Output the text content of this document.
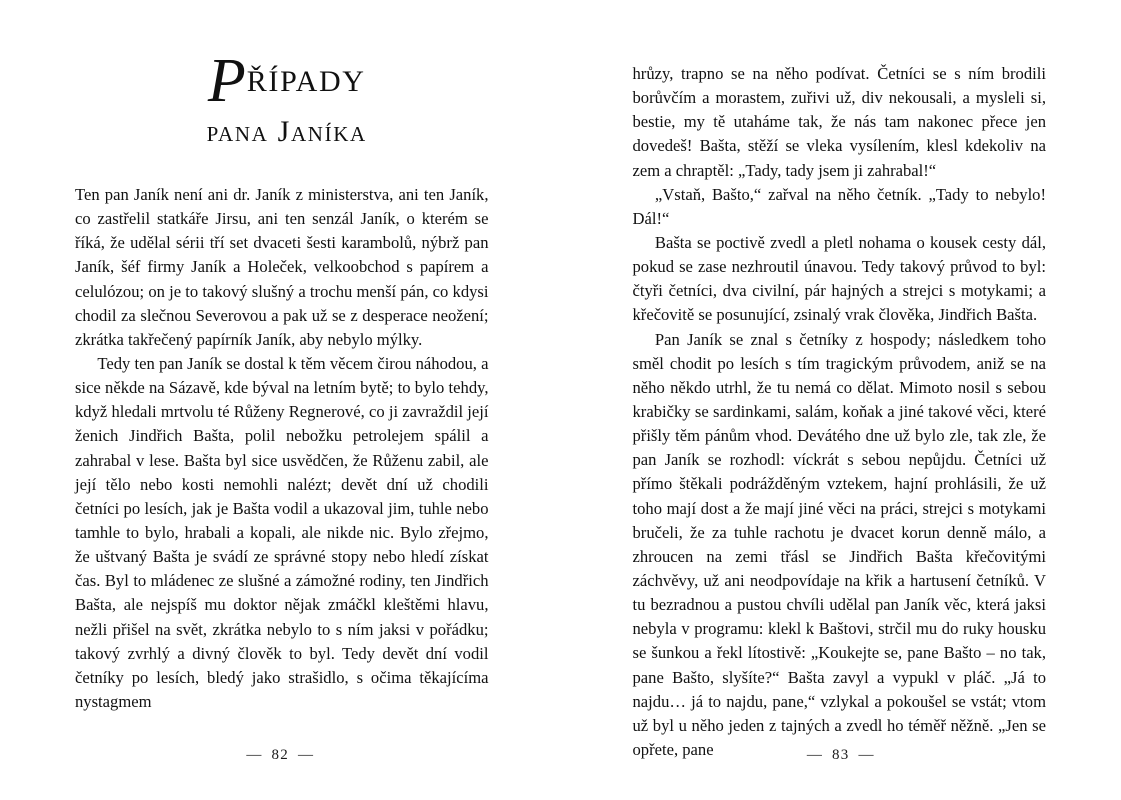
PŘÍPADY
pana Janíka

Ten pan Janík není ani dr. Janík z ministerstva, ani ten Janík, co zastřelil statkáře Jirsu, ani ten senzál Janík, o kterém se říká, že udělal sérii tří set dvaceti šesti karambolů, nýbrž pan Janík, šéf firmy Janík a Holeček, velkoobchod s papírem a celulózou; on je to takový slušný a trochu menší pán, co kdysi chodil za slečnou Severovou a pak už se z desperace neožení; zkrátka takřečený papírník Janík, aby nebylo mýlky.

Tedy ten pan Janík se dostal k těm věcem čirou náhodou, a sice někde na Sázavě, kde býval na letním bytě; to bylo tehdy, když hledali mrtvolu té Růženy Regnerové, co ji zavraždil její ženich Jindřich Bašta, polil nebožku petrolejem spálil a zahrabal v lese. Bašta byl sice usvědčen, že Růženu zabil, ale její tělo nebo kosti nemohli nalézt; devět dní už chodili četníci po lesích, jak je Bašta vodil a ukazoval jim, tuhle nebo tamhle to bylo, hrabali a kopali, ale nikde nic. Bylo zřejmo, že uštvaný Bašta je svádí ze správné stopy nebo hledí získat čas. Byl to mládenec ze slušné a zámožné rodiny, ten Jindřich Bašta, ale nejspíš mu doktor nějak zmáčkl kleštěmi hlavu, nežli přišel na svět, zkrátka nebylo to s ním jaksi v pořádku; takový zvrhlý a divný člověk to byl. Tedy devět dní vodil četníky po lesích, bledý jako strašidlo, s očima těkajícíma nystagmem

— 82 —

hrůzy, trapno se na něho podívat. Četníci se s ním brodili borůvčím a morastem, zuřivi už, div nekousali, a mysleli si, bestie, my tě utaháme tak, že nás tam nakonec přece jen dovedeš! Bašta, stěží se vleka vysílením, klesl kdekoliv na zem a chraptěl: „Tady, tady jsem ji zahrabal!“

„Vstaň, Bašto,“ zařval na něho četník. „Tady to nebylo! Dál!“

Bašta se poctivě zvedl a pletl nohama o kousek cesty dál, pokud se zase nezhroutil únavou. Tedy takový průvod to byl: čtyři četníci, dva civilní, pár hajných a strejci s motykami; a křečovitě se posunující, zsinalý vrak člověka, Jindřich Bašta.

Pan Janík se znal s četníky z hospody; následkem toho směl chodit po lesích s tím tragickým průvodem, aniž se na něho někdo utrhl, že tu nemá co dělat. Mimoto nosil s sebou krabičky se sardinkami, salám, koňak a jiné takové věci, které přišly těm pánům vhod. Devátého dne už bylo zle, tak zle, že pan Janík se rozhodl: víckrát s sebou nepůjdu. Četníci už přímo štěkali podrážděným vztekem, hajní prohlásili, že už toho mají dost a že mají jiné věci na práci, strejci s motykami bručeli, že za tuhle rachotu je dvacet korun denně málo, a zhroucen na zemi třásl se Jindřich Bašta křečovitými záchvěvy, už ani neodpovídaje na křik a hartusení četníků. V tu bezradnou a pustou chvíli udělal pan Janík věc, která jaksi nebyla v programu: klekl k Baštovi, strčil mu do ruky housku se šunkou a řekl lítostivě: „Koukejte se, pane Bašto – no tak, pane Bašto, slyšíte?“ Bašta zavyl a vypukl v pláč. „Já to najdu… já to najdu, pane,“ vzlykal a pokoušel se vstát; vtom už byl u něho jeden z tajných a zvedl ho téměř něžně. „Jen se opřete, pane	— 83 —
